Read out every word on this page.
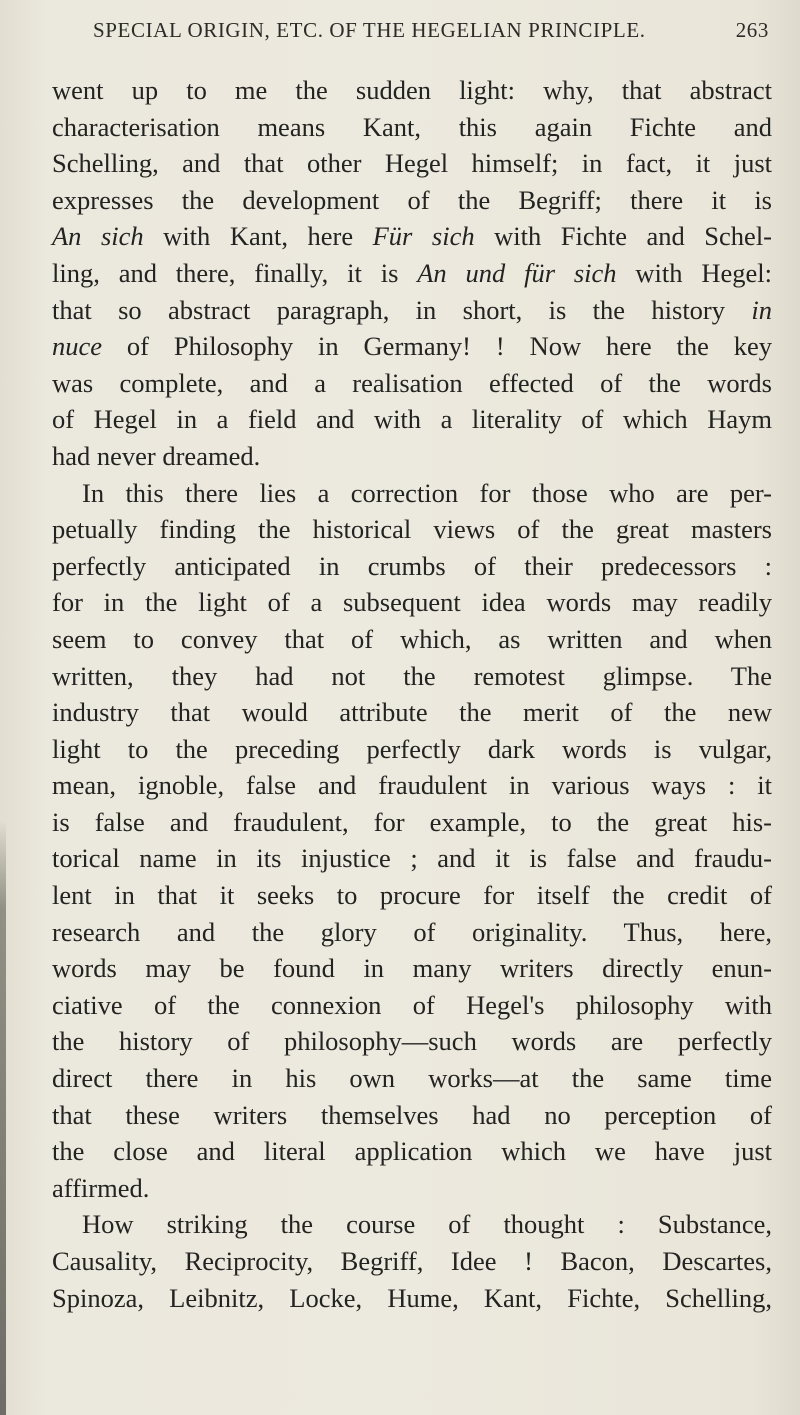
SPECIAL ORIGIN, ETC. OF THE HEGELIAN PRINCIPLE.	263
went up to me the sudden light: why, that abstract
characterisation means Kant, this again Fichte and
Schelling, and that other Hegel himself; in fact, it just
expresses the development of the Begriff; there it is
An sich with Kant, here Für sich with Fichte and Schel-
ling, and there, finally, it is An und für sich with Hegel:
that so abstract paragraph, in short, is the history in
nuce of Philosophy in Germany! ! Now here the key
was complete, and a realisation effected of the words
of Hegel in a field and with a literality of which Haym
had never dreamed.
In this there lies a correction for those who are per-
petually finding the historical views of the great masters
perfectly anticipated in crumbs of their predecessors :
for in the light of a subsequent idea words may readily
seem to convey that of which, as written and when
written, they had not the remotest glimpse. The
industry that would attribute the merit of the new
light to the preceding perfectly dark words is vulgar,
mean, ignoble, false and fraudulent in various ways : it
is false and fraudulent, for example, to the great his-
torical name in its injustice ; and it is false and fraudu-
lent in that it seeks to procure for itself the credit of
research and the glory of originality. Thus, here,
words may be found in many writers directly enun-
ciative of the connexion of Hegel's philosophy with
the history of philosophy—such words are perfectly
direct there in his own works—at the same time
that these writers themselves had no perception of
the close and literal application which we have just
affirmed.
How striking the course of thought : Substance,
Causality, Reciprocity, Begriff, Idee ! Bacon, Descartes,
Spinoza, Leibnitz, Locke, Hume, Kant, Fichte, Schelling,
